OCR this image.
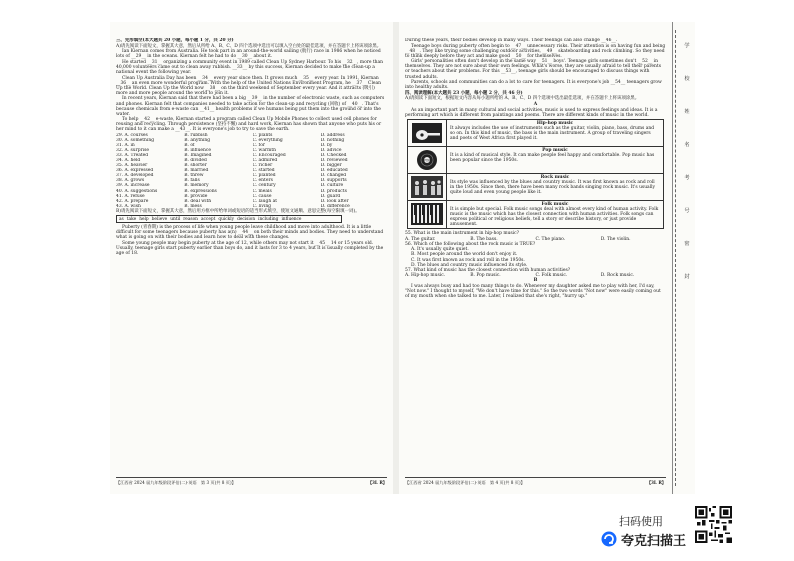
三、完形填空(本大题共 20 小题，每小题 1 分，共 20 分)

A)请先阅读下面短文，掌握其大意，然后从所给 A、B、C、D 四个选项中选出可以填入空白处的最佳选项，并在答题卡上将该项涂黑。

Ian Kiernan comes from Australia. He took part in an around-the-world sailing (航行) race in 1986 when he noticed lots of __29__ in the oceans. Kiernan felt he had to do __30__ about it.

He started __31__ organizing a community event in 1989 called Clean Up Sydney Harbour. To his __32__, more than 40,000 volunteers came out to clean away rubbish. __33__ by this success, Kiernan decided to make the clean-up a national event the following year.

Clean Up Australia Day has been __34__ every year since then. It grows much __35__ every year. In 1991, Kiernan __36__ an even more wonderful program. With the help of the United Nations Environment Program, he __37__ Clean Up the World. Clean Up the World now __38__ on the third weekend of September every year. And it attracts (吸引) more and more people around the world to join it.

In recent years, Kiernan said that there had been a big __39__ in the number of electronic waste, such as computers and phones. Kiernan felt that companies needed to take action for the clean-up and recycling (回收) of __40__. That's because chemicals from e-waste can __41__ health problems if we humans being put them into the ground or into the water.

To help __42__ e-waste, Kiernan started a program called Clean Up Mobile Phones to collect used cell phones for reusing and recycling. Through persistence (坚持不懈) and hard work, Kiernan has shown that anyone who puts his or her mind to it can make a __43__. It is everyone's job to try to save the earth.

29. A. courses	B. rubbish	C. plants	D. address
30. A. something	B. anything	C. everything	D. nothing
31. A. in	B. of	C. for	D. by
32. A. surprise	B. influence	C. warmth	D. advice
33. A. Treated	B. Imagined	C. Encouraged	D. Checked
34. A. held	B. divided	C. admired	D. reviewed
35. A. heavier	B. shorter	C. richer	D. bigger
36. A. expressed	B. married	C. started	D. educated
37. A. developed	B. threw	C. planted	D. changed
38. A. grows	B. falls	C. enters	D. supports
39. A. increase	B. memory	C. century	D. culture
40. A. suggestions	B. expressions	C. meals	D. products
41. A. refuse	B. provide	C. cause	D. guard
42. A. prepare	B. deal with	C. laugh at	D. look after
43. A. wish	B. mess	C. living	D. difference

B)请先阅读下面短文，掌握其大意，然后用方框中所给单词或短语的适当形式填空，使短文通顺、意思完整(每空限填一词)。

as take help believe until reason accept quickly decision including influence

Puberty (青春期) is the process of life when young people leave childhood and move into adulthood. It is a little difficult for some teenagers because puberty has a(n) __44__ on both their minds and bodies. They need to understand what is going on with their bodies and learn how to deal with these changes.

Some young people may begin puberty at the age of 12, while others may not start it __45__ 14 or 15 years old. Usually, teenage girls start puberty earlier than boys do, and it lasts for 3 to 4 years, but it is usually completed by the age of 18.

【江西省 2024 届九年级阶段评估(二)·英语　第 3 页(共 8 页)】	【3L R】

During these years, their bodies develop in many ways. Their feelings can also change __46__.

Teenage boys during puberty often begin to __47__ unnecessary risks. Their attention is on having fun and being __48__. They like trying some challenging outdoor activities, __49__ skateboarding and rock climbing. So they need to think deeply before they act and make good __50__ for themselves.

Girls' personalities often don't develop in the same way __51__ boys'. Teenage girls sometimes don't __52__ in themselves. They are not sure about their own feelings. What's worse, they are usually afraid to tell their parents or teachers about their problems. For this __53__, teenage girls should be encouraged to discuss things with trusted adults.

Parents, schools and communities can do a lot to care for teenagers. It is everyone's job __54__ teenagers grow into healthy adults.

四、阅读理解(本大题共 23 小题，每小题 2 分，共 46 分)

A)请阅读下面短文，根据短文内容从每小题所给的 A、B、C、D 四个选项中选出最佳选项，并在答题卡上将该项涂黑。

A

As an important part in many cultural and social activities, music is used to express feelings and ideas. It is a performing art which is different from paintings and poems. There are different kinds of music in the world.

Hip-hop music
It always includes the use of instruments such as the guitar, violin, piano, bass, drums and so on. In this kind of music, the bass is the main instrument. A group of traveling singers and poets of West Africa first played it.
POP
Pop music
It is a kind of musical style. It can make people feel happy and comfortable. Pop music has been popular since the 1950s.
Rock music
Its style was influenced by the blues and country music. It was first known as rock and roll in the 1950s. Since then, there have been many rock bands singing rock music. It's usually quite loud and even young people like it.
Folk music
It is simple but special. Folk music songs deal with almost every kind of human activity. Folk music is the music which has the closest connection with human activities. Folk songs can express political or religious beliefs, tell a story or describe history, or just provide amusement.

55. What is the main instrument in hip-hop music?

A. The guitar.	B. The bass.	C. The piano.	D. The violin.

56. Which of the following about the rock music is TRUE?

A. It's usually quite quiet.
B. Most people around the world don't enjoy it.
C. It was first known as rock and roll in the 1950s.
D. The blues and country music influenced its style.

57. What kind of music has the closest connection with human activities?

A. Hip-hop music.	B. Pop music.	C. Folk music.	D. Rock music.

B

I was always busy and had too many things to do. Whenever my daughter asked me to play with her, I'd say, "Not now." I thought to myself, "We don't have time for this." So the two words "Not now" were easily coming out of my mouth when she talked to me. Later, I realized that she's right, "hurry up."

【江西省 2024 届九年级阶段评估(二)·英语　第 4 页(共 8 页)】	【3L R】
学
校
姓
名
考
号
密
封
扫码使用
夸克扫描王
